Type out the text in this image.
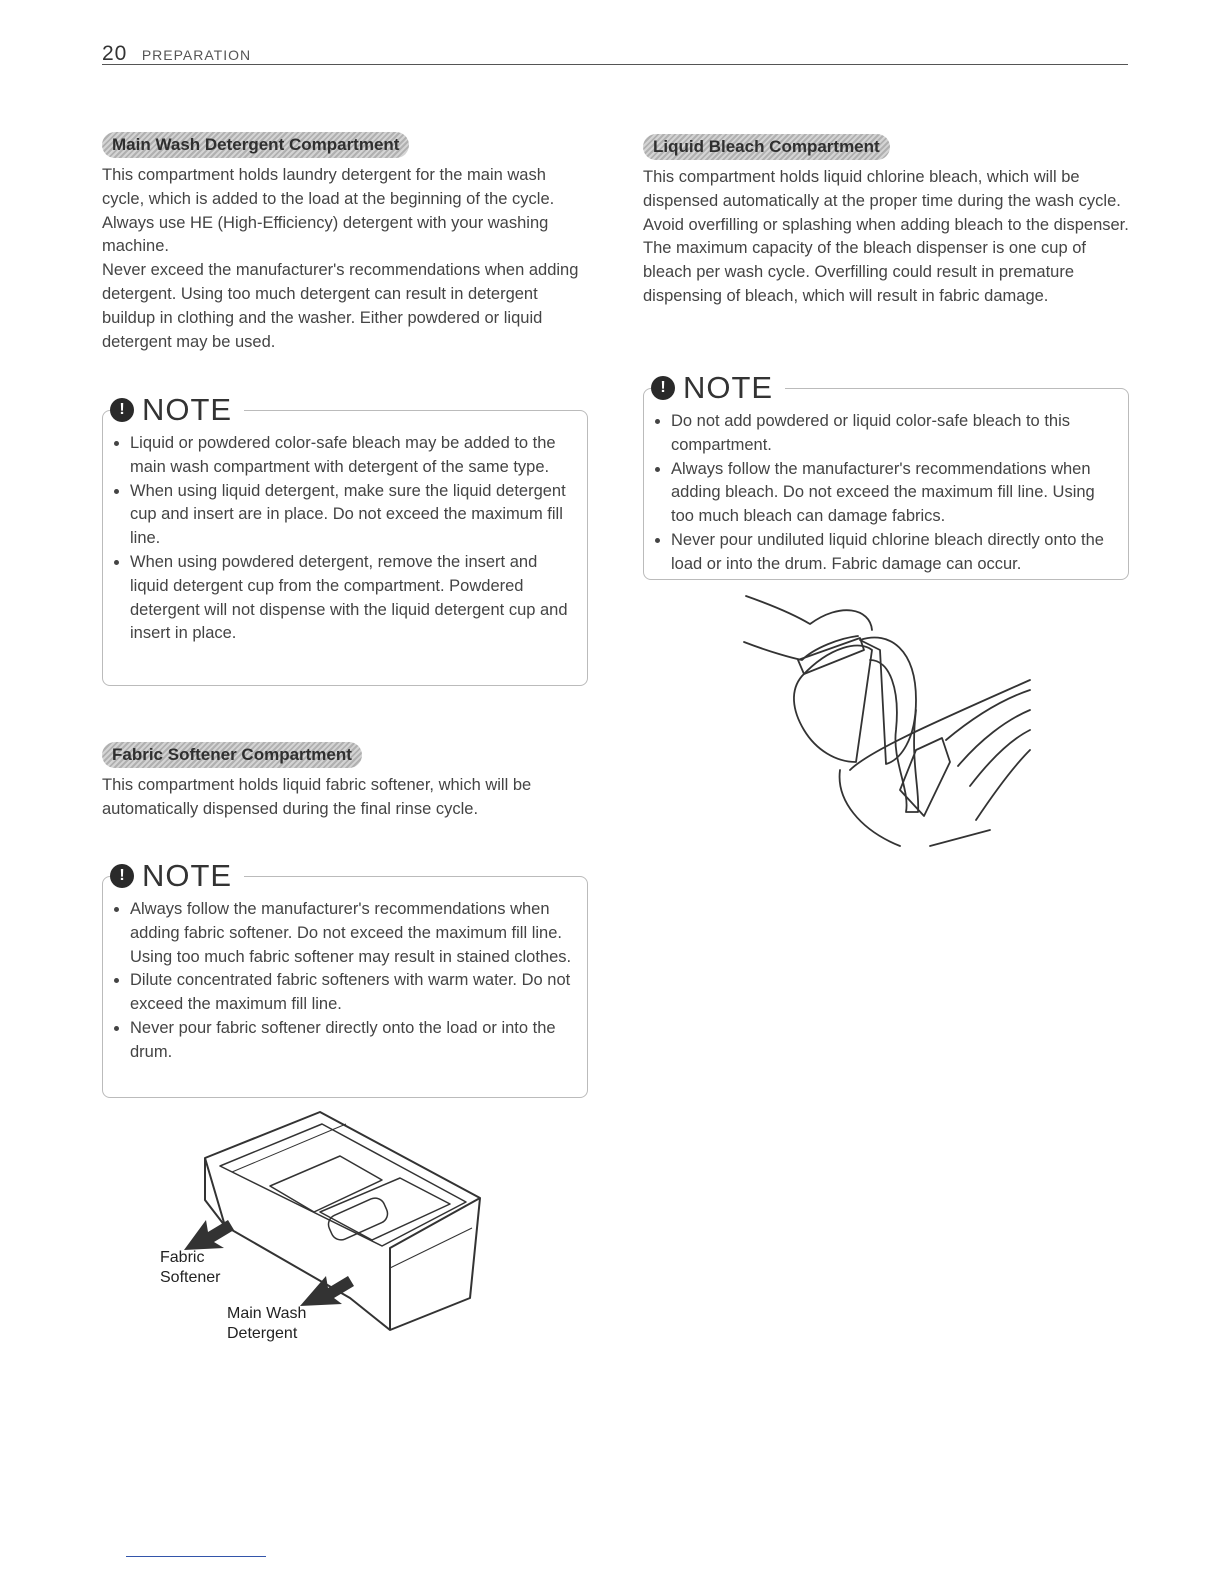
20 PREPARATION
Main Wash Detergent Compartment

This compartment holds laundry detergent for the main wash cycle, which is added to the load at the beginning of the cycle. Always use HE (High-Efficiency) detergent with your washing machine.

Never exceed the manufacturer's recommendations when adding detergent. Using too much detergent can result in detergent buildup in clothing and the washer. Either powdered or liquid detergent may be used.

! NOTE
• Liquid or powdered color-safe bleach may be added to the main wash compartment with detergent of the same type.
• When using liquid detergent, make sure the liquid detergent cup and insert are in place. Do not exceed the maximum fill line.
• When using powdered detergent, remove the insert and liquid detergent cup from the compartment. Powdered detergent will not dispense with the liquid detergent cup and insert in place.
Fabric Softener Compartment

This compartment holds liquid fabric softener, which will be automatically dispensed during the final rinse cycle.

! NOTE
• Always follow the manufacturer's recommendations when adding fabric softener. Do not exceed the maximum fill line. Using too much fabric softener may result in stained clothes.
• Dilute concentrated fabric softeners with warm water. Do not exceed the maximum fill line.
• Never pour fabric softener directly onto the load or into the drum.
Fabric
Softener
Main Wash
Detergent
Liquid Bleach Compartment

This compartment holds liquid chlorine bleach, which will be dispensed automatically at the proper time during the wash cycle. Avoid overfilling or splashing when adding bleach to the dispenser. The maximum capacity of the bleach dispenser is one cup of bleach per wash cycle. Overfilling could result in premature dispensing of bleach, which will result in fabric damage.

! NOTE
• Do not add powdered or liquid color-safe bleach to this compartment.
• Always follow the manufacturer's recommendations when adding bleach. Do not exceed the maximum fill line. Using too much bleach can damage fabrics.
• Never pour undiluted liquid chlorine bleach directly onto the load or into the drum. Fabric damage can occur.
